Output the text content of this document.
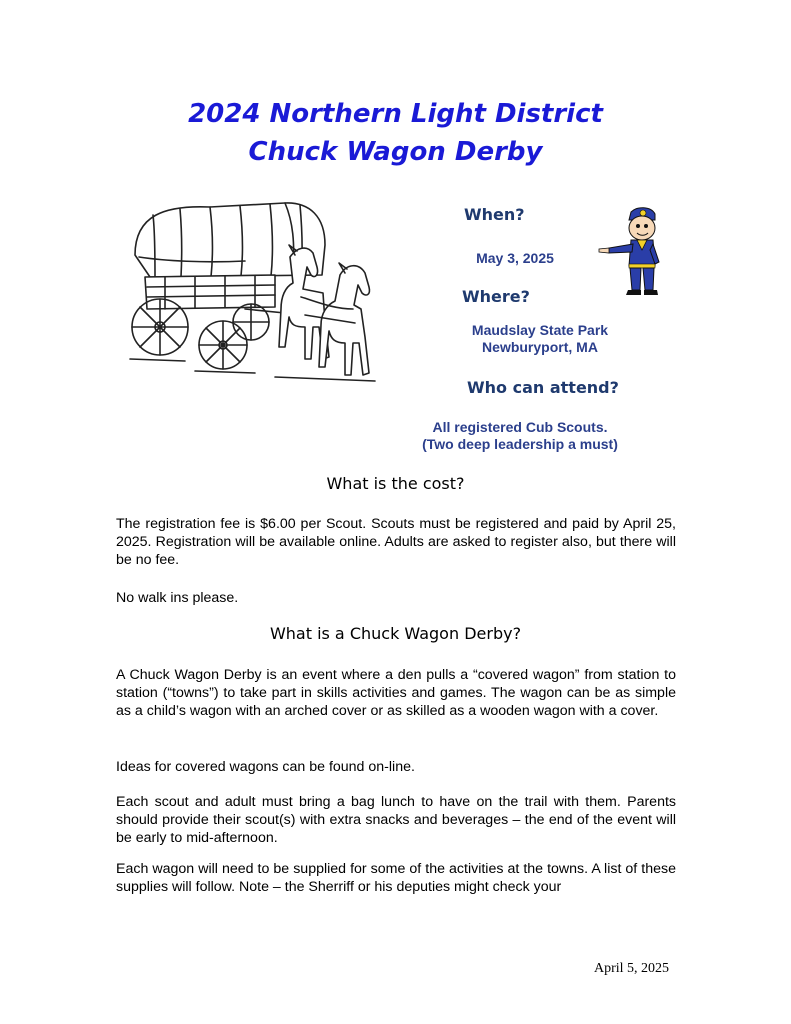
2024 Northern Light District
Chuck Wagon Derby
When?
May 3, 2025
Where?
Maudslay State Park
Newburyport, MA
Who can attend?
All registered Cub Scouts.
(Two deep leadership a must)
What is the cost?
The registration fee is $6.00 per Scout. Scouts must be registered and paid by April 25, 2025. Registration will be available online. Adults are asked to register also, but there will be no fee.
No walk ins please.
What is a Chuck Wagon Derby?
A Chuck Wagon Derby is an event where a den pulls a “covered wagon” from station to station (“towns”) to take part in skills activities and games. The wagon can be as simple as a child’s wagon with an arched cover or as skilled as a wooden wagon with a cover.
Ideas for covered wagons can be found on-line.
Each scout and adult must bring a bag lunch to have on the trail with them. Parents should provide their scout(s) with extra snacks and beverages – the end of the event will be early to mid-afternoon.
Each wagon will need to be supplied for some of the activities at the towns. A list of these supplies will follow. Note – the Sherriff or his deputies might check your
April 5, 2025
